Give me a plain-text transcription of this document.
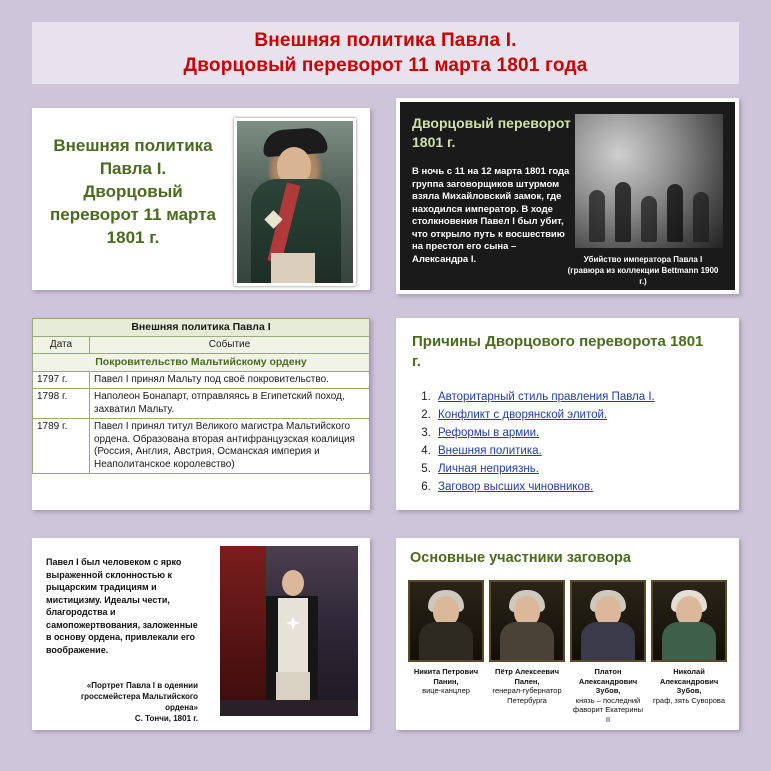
Внешняя политика Павла I.
Дворцовый переворот 11 марта 1801 года
Внешняя политика Павла I. Дворцовый переворот 11 марта 1801 г.
Дворцовый переворот 1801 г.
В ночь с 11 на 12 марта 1801 года группа заговорщиков штурмом взяла Михайловский замок, где находился император. В ходе столкновения Павел I был убит, что открыло путь к восшествию на престол его сына – Александра I.	Убийство императора Павла I
(гравюра из коллекции Bettmann 1900 г.)
Внешняя политика Павла I	
Дата	Событие
Покровительство Мальтийскому ордену	
1797 г.	Павел I принял Мальту под своё покровительство.
1798 г.	Наполеон Бонапарт, отправляясь в Египетский поход, захватил Мальту.
1789 г.	Павел I принял титул Великого магистра Мальтийского ордена. Образована вторая антифранцузская коалиция (Россия, Англия, Австрия, Османская империя и Неаполитанское королевство)
Причины Дворцового переворота 1801 г.
1. Авторитарный стиль правления Павла I.
2. Конфликт с дворянской элитой.
3. Реформы в армии.
4. Внешняя политика.
5. Личная неприязнь.
6. Заговор высших чиновников.
Павел I был человеком с ярко выраженной склонностью к рыцарским традициям и мистицизму. Идеалы чести, благородства и самопожертвования, заложенные в основу ордена, привлекали его воображение.
«Портрет Павла I в одеянии гроссмейстера Мальтийского ордена»
С. Тончи, 1801 г.
Основные участники заговора
Никита Петрович Панин,
вице-канцлер
Пётр Алексеевич Пален,
генерал-губернатор Петербурга
Платон Александрович Зубов,
князь – последний фаворит Екатерины II
Николай Александрович Зубов,
граф, зять Суворова
